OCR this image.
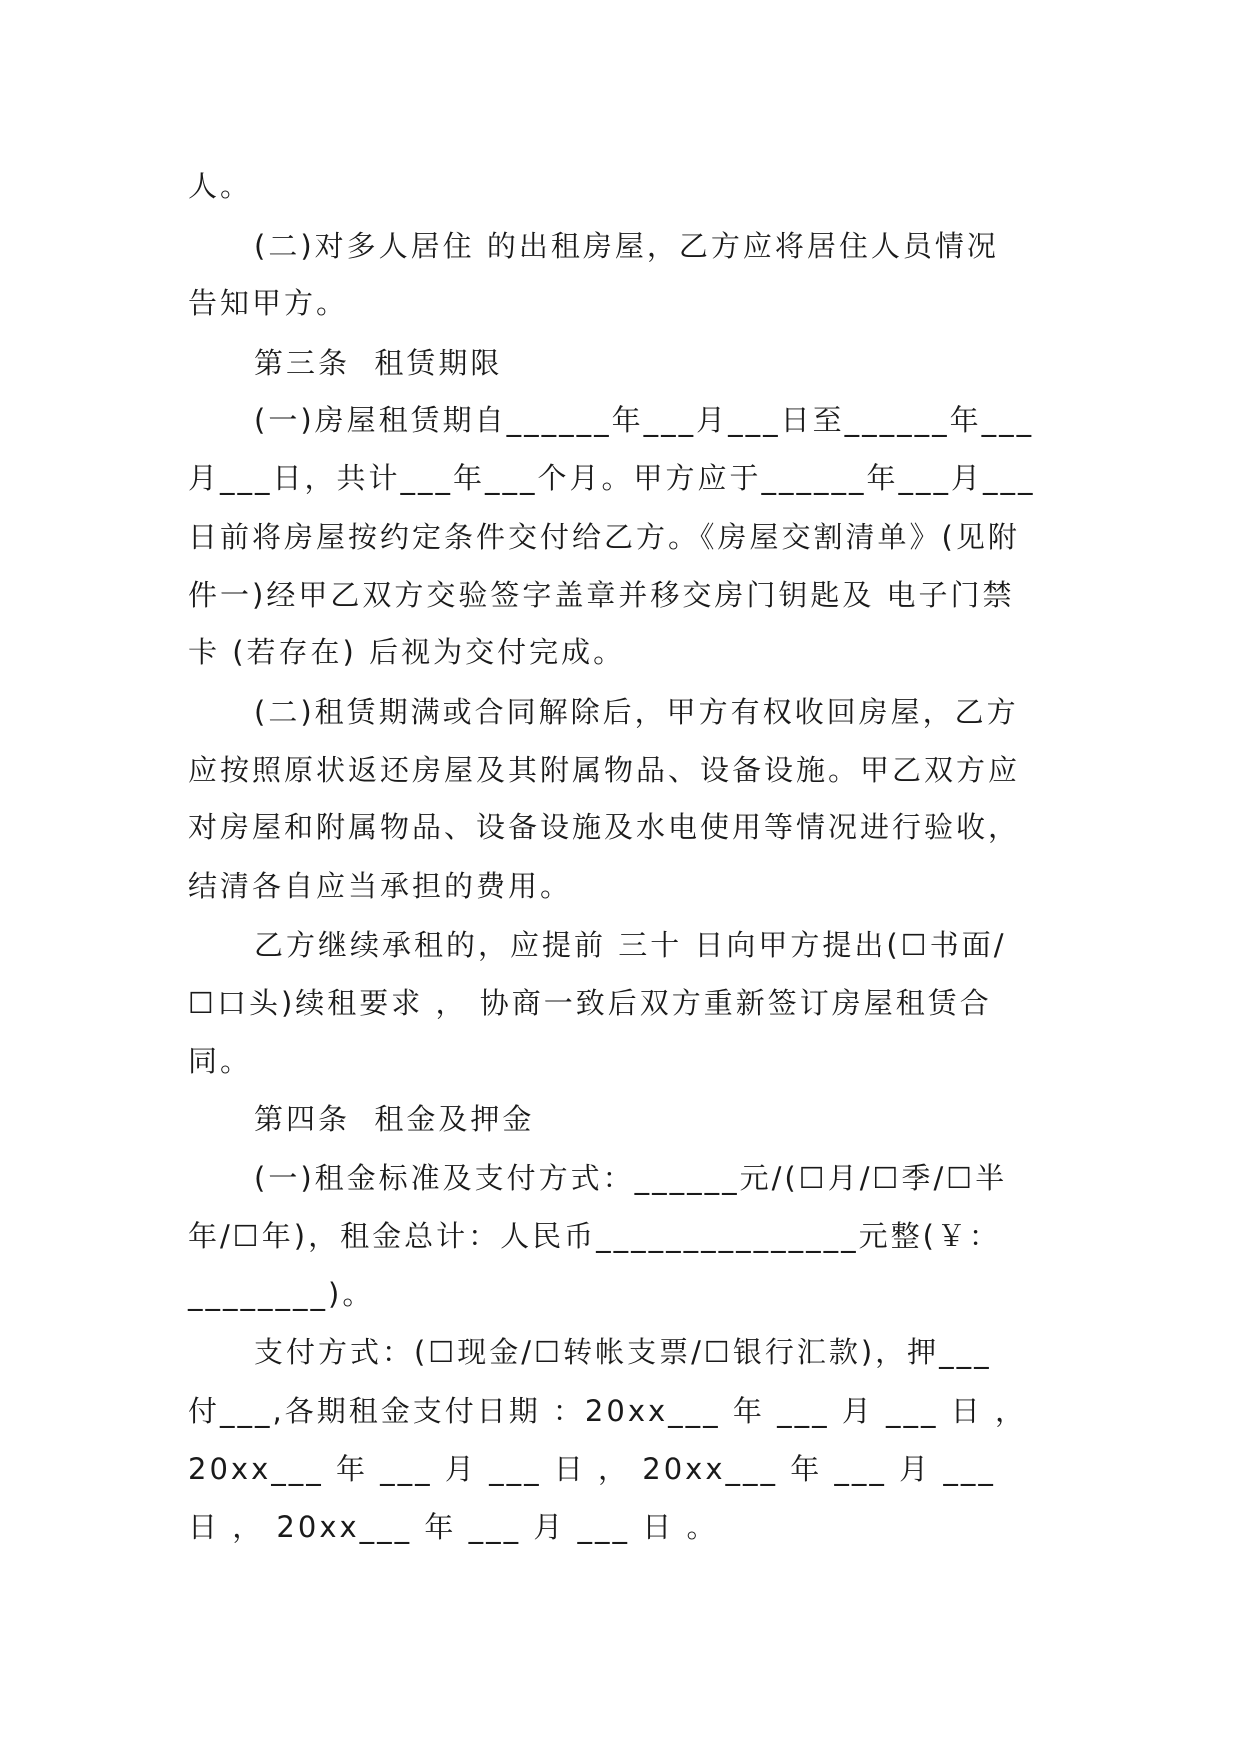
人。
(二)对多人居住 的出租房屋，乙方应将居住人员情况
告知甲方。
第三条  租赁期限
(一)房屋租赁期自______年___月___日至______年___
月___日，共计___年___个月。甲方应于______年___月___
日前将房屋按约定条件交付给乙方。《房屋交割清单》(见附
件一)经甲乙双方交验签字盖章并移交房门钥匙及 电子门禁
卡 (若存在) 后视为交付完成。
(二)租赁期满或合同解除后，甲方有权收回房屋，乙方
应按照原状返还房屋及其附属物品、设备设施。甲乙双方应
对房屋和附属物品、设备设施及水电使用等情况进行验收，
结清各自应当承担的费用。
乙方继续承租的，应提前 三十 日向甲方提出(☐书面/
☐口头)续租要求 ， 协商一致后双方重新签订房屋租赁合
同。
第四条  租金及押金
(一)租金标准及支付方式：______元/(☐月/☐季/☐半
年/☐年)，租金总计：人民币_______________元整(￥：
________)。
支付方式：(☐现金/☐转帐支票/☐银行汇款)，押___
付___,各期租金支付日期 ：20xx___ 年 ___ 月 ___ 日 ，
20xx___ 年 ___ 月 ___ 日 ， 20xx___ 年 ___ 月 ___
日 ， 20xx___ 年 ___ 月 ___ 日 。
